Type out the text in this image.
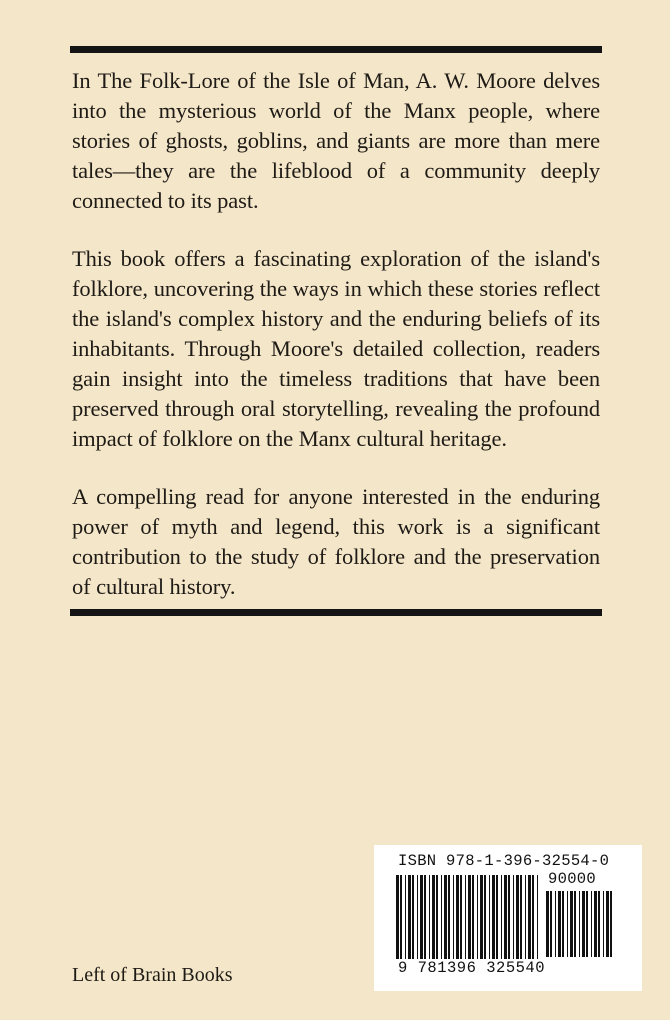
In The Folk-Lore of the Isle of Man, A. W. Moore delves into the mysterious world of the Manx people, where stories of ghosts, goblins, and giants are more than mere tales—they are the lifeblood of a community deeply connected to its past.

This book offers a fascinating exploration of the island's folklore, uncovering the ways in which these stories reflect the island's complex history and the enduring beliefs of its inhabitants. Through Moore's detailed collection, readers gain insight into the timeless traditions that have been preserved through oral storytelling, revealing the profound impact of folklore on the Manx cultural heritage.

A compelling read for anyone interested in the enduring power of myth and legend, this work is a significant contribution to the study of folklore and the preservation of cultural history.

Left of Brain Books
ISBN 978-1-396-32554-0
90000
9 781396 325540
